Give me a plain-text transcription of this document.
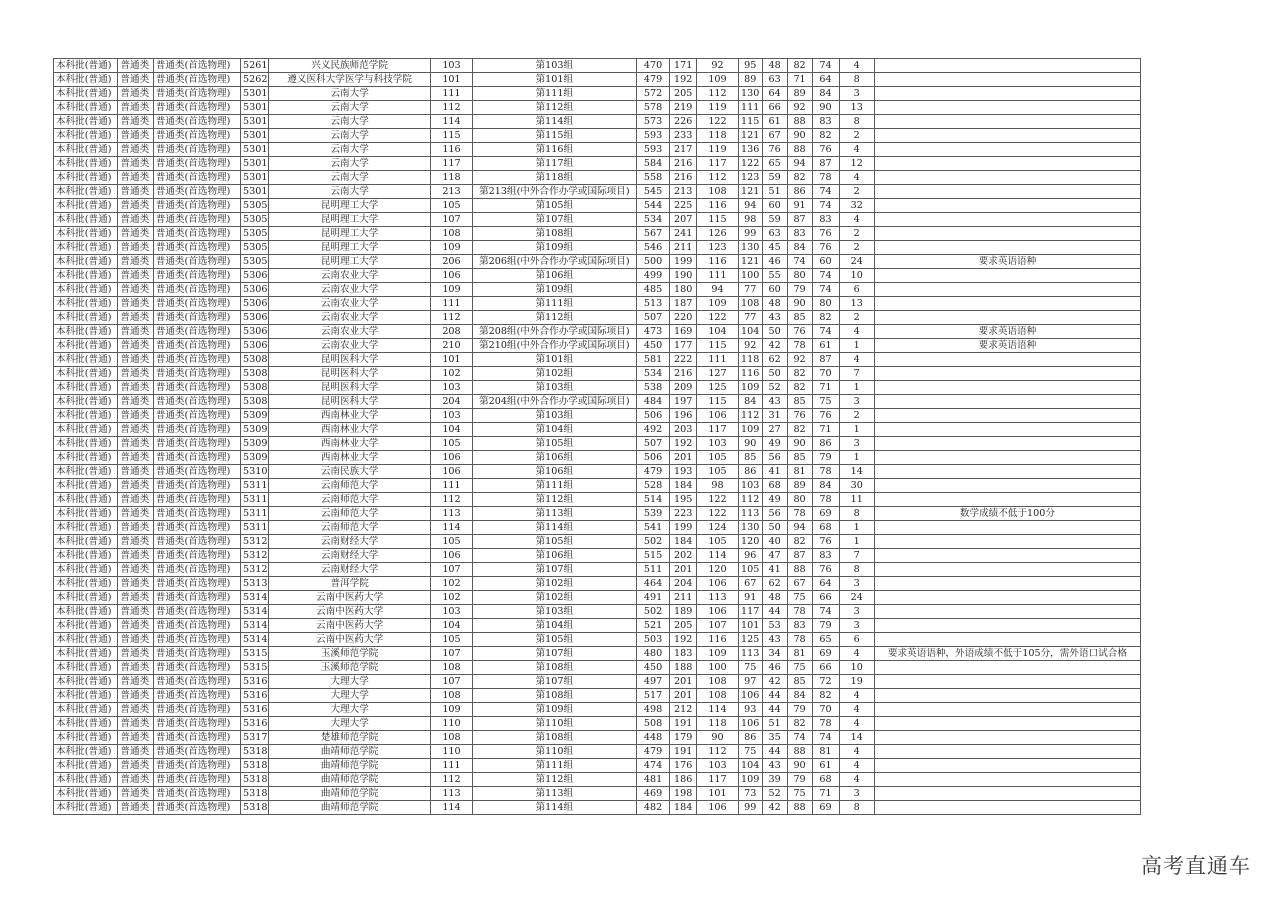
本科批(普通)	普通类	普通类(首选物理)	5261	兴义民族师范学院	103	第103组	470	171	92	95	48	82	74	4	
本科批(普通)	普通类	普通类(首选物理)	5262	遵义医科大学医学与科技学院	101	第101组	479	192	109	89	63	71	64	8	
本科批(普通)	普通类	普通类(首选物理)	5301	云南大学	111	第111组	572	205	112	130	64	89	84	3	
本科批(普通)	普通类	普通类(首选物理)	5301	云南大学	112	第112组	578	219	119	111	66	92	90	13	
本科批(普通)	普通类	普通类(首选物理)	5301	云南大学	114	第114组	573	226	122	115	61	88	83	8	
本科批(普通)	普通类	普通类(首选物理)	5301	云南大学	115	第115组	593	233	118	121	67	90	82	2	
本科批(普通)	普通类	普通类(首选物理)	5301	云南大学	116	第116组	593	217	119	136	76	88	76	4	
本科批(普通)	普通类	普通类(首选物理)	5301	云南大学	117	第117组	584	216	117	122	65	94	87	12	
本科批(普通)	普通类	普通类(首选物理)	5301	云南大学	118	第118组	558	216	112	123	59	82	78	4	
本科批(普通)	普通类	普通类(首选物理)	5301	云南大学	213	第213组(中外合作办学或国际项目)	545	213	108	121	51	86	74	2	
本科批(普通)	普通类	普通类(首选物理)	5305	昆明理工大学	105	第105组	544	225	116	94	60	91	74	32	
本科批(普通)	普通类	普通类(首选物理)	5305	昆明理工大学	107	第107组	534	207	115	98	59	87	83	4	
本科批(普通)	普通类	普通类(首选物理)	5305	昆明理工大学	108	第108组	567	241	126	99	63	83	76	2	
本科批(普通)	普通类	普通类(首选物理)	5305	昆明理工大学	109	第109组	546	211	123	130	45	84	76	2	
本科批(普通)	普通类	普通类(首选物理)	5305	昆明理工大学	206	第206组(中外合作办学或国际项目)	500	199	116	121	46	74	60	24	要求英语语种
本科批(普通)	普通类	普通类(首选物理)	5306	云南农业大学	106	第106组	499	190	111	100	55	80	74	10	
本科批(普通)	普通类	普通类(首选物理)	5306	云南农业大学	109	第109组	485	180	94	77	60	79	74	6	
本科批(普通)	普通类	普通类(首选物理)	5306	云南农业大学	111	第111组	513	187	109	108	48	90	80	13	
本科批(普通)	普通类	普通类(首选物理)	5306	云南农业大学	112	第112组	507	220	122	77	43	85	82	2	
本科批(普通)	普通类	普通类(首选物理)	5306	云南农业大学	208	第208组(中外合作办学或国际项目)	473	169	104	104	50	76	74	4	要求英语语种
本科批(普通)	普通类	普通类(首选物理)	5306	云南农业大学	210	第210组(中外合作办学或国际项目)	450	177	115	92	42	78	61	1	要求英语语种
本科批(普通)	普通类	普通类(首选物理)	5308	昆明医科大学	101	第101组	581	222	111	118	62	92	87	4	
本科批(普通)	普通类	普通类(首选物理)	5308	昆明医科大学	102	第102组	534	216	127	116	50	82	70	7	
本科批(普通)	普通类	普通类(首选物理)	5308	昆明医科大学	103	第103组	538	209	125	109	52	82	71	1	
本科批(普通)	普通类	普通类(首选物理)	5308	昆明医科大学	204	第204组(中外合作办学或国际项目)	484	197	115	84	43	85	75	3	
本科批(普通)	普通类	普通类(首选物理)	5309	西南林业大学	103	第103组	506	196	106	112	31	76	76	2	
本科批(普通)	普通类	普通类(首选物理)	5309	西南林业大学	104	第104组	492	203	117	109	27	82	71	1	
本科批(普通)	普通类	普通类(首选物理)	5309	西南林业大学	105	第105组	507	192	103	90	49	90	86	3	
本科批(普通)	普通类	普通类(首选物理)	5309	西南林业大学	106	第106组	506	201	105	85	56	85	79	1	
本科批(普通)	普通类	普通类(首选物理)	5310	云南民族大学	106	第106组	479	193	105	86	41	81	78	14	
本科批(普通)	普通类	普通类(首选物理)	5311	云南师范大学	111	第111组	528	184	98	103	68	89	84	30	
本科批(普通)	普通类	普通类(首选物理)	5311	云南师范大学	112	第112组	514	195	122	112	49	80	78	11	
本科批(普通)	普通类	普通类(首选物理)	5311	云南师范大学	113	第113组	539	223	122	113	56	78	69	8	数学成绩不低于100分
本科批(普通)	普通类	普通类(首选物理)	5311	云南师范大学	114	第114组	541	199	124	130	50	94	68	1	
本科批(普通)	普通类	普通类(首选物理)	5312	云南财经大学	105	第105组	502	184	105	120	40	82	76	1	
本科批(普通)	普通类	普通类(首选物理)	5312	云南财经大学	106	第106组	515	202	114	96	47	87	83	7	
本科批(普通)	普通类	普通类(首选物理)	5312	云南财经大学	107	第107组	511	201	120	105	41	88	76	8	
本科批(普通)	普通类	普通类(首选物理)	5313	普洱学院	102	第102组	464	204	106	67	62	67	64	3	
本科批(普通)	普通类	普通类(首选物理)	5314	云南中医药大学	102	第102组	491	211	113	91	48	75	66	24	
本科批(普通)	普通类	普通类(首选物理)	5314	云南中医药大学	103	第103组	502	189	106	117	44	78	74	3	
本科批(普通)	普通类	普通类(首选物理)	5314	云南中医药大学	104	第104组	521	205	107	101	53	83	79	3	
本科批(普通)	普通类	普通类(首选物理)	5314	云南中医药大学	105	第105组	503	192	116	125	43	78	65	6	
本科批(普通)	普通类	普通类(首选物理)	5315	玉溪师范学院	107	第107组	480	183	109	113	34	81	69	4	要求英语语种，外语成绩不低于105分，需外语口试合格
本科批(普通)	普通类	普通类(首选物理)	5315	玉溪师范学院	108	第108组	450	188	100	75	46	75	66	10	
本科批(普通)	普通类	普通类(首选物理)	5316	大理大学	107	第107组	497	201	108	97	42	85	72	19	
本科批(普通)	普通类	普通类(首选物理)	5316	大理大学	108	第108组	517	201	108	106	44	84	82	4	
本科批(普通)	普通类	普通类(首选物理)	5316	大理大学	109	第109组	498	212	114	93	44	79	70	4	
本科批(普通)	普通类	普通类(首选物理)	5316	大理大学	110	第110组	508	191	118	106	51	82	78	4	
本科批(普通)	普通类	普通类(首选物理)	5317	楚雄师范学院	108	第108组	448	179	90	86	35	74	74	14	
本科批(普通)	普通类	普通类(首选物理)	5318	曲靖师范学院	110	第110组	479	191	112	75	44	88	81	4	
本科批(普通)	普通类	普通类(首选物理)	5318	曲靖师范学院	111	第111组	474	176	103	104	43	90	61	4	
本科批(普通)	普通类	普通类(首选物理)	5318	曲靖师范学院	112	第112组	481	186	117	109	39	79	68	4	
本科批(普通)	普通类	普通类(首选物理)	5318	曲靖师范学院	113	第113组	469	198	101	73	52	75	71	3	
本科批(普通)	普通类	普通类(首选物理)	5318	曲靖师范学院	114	第114组	482	184	106	99	42	88	69	8	
高考直通车
